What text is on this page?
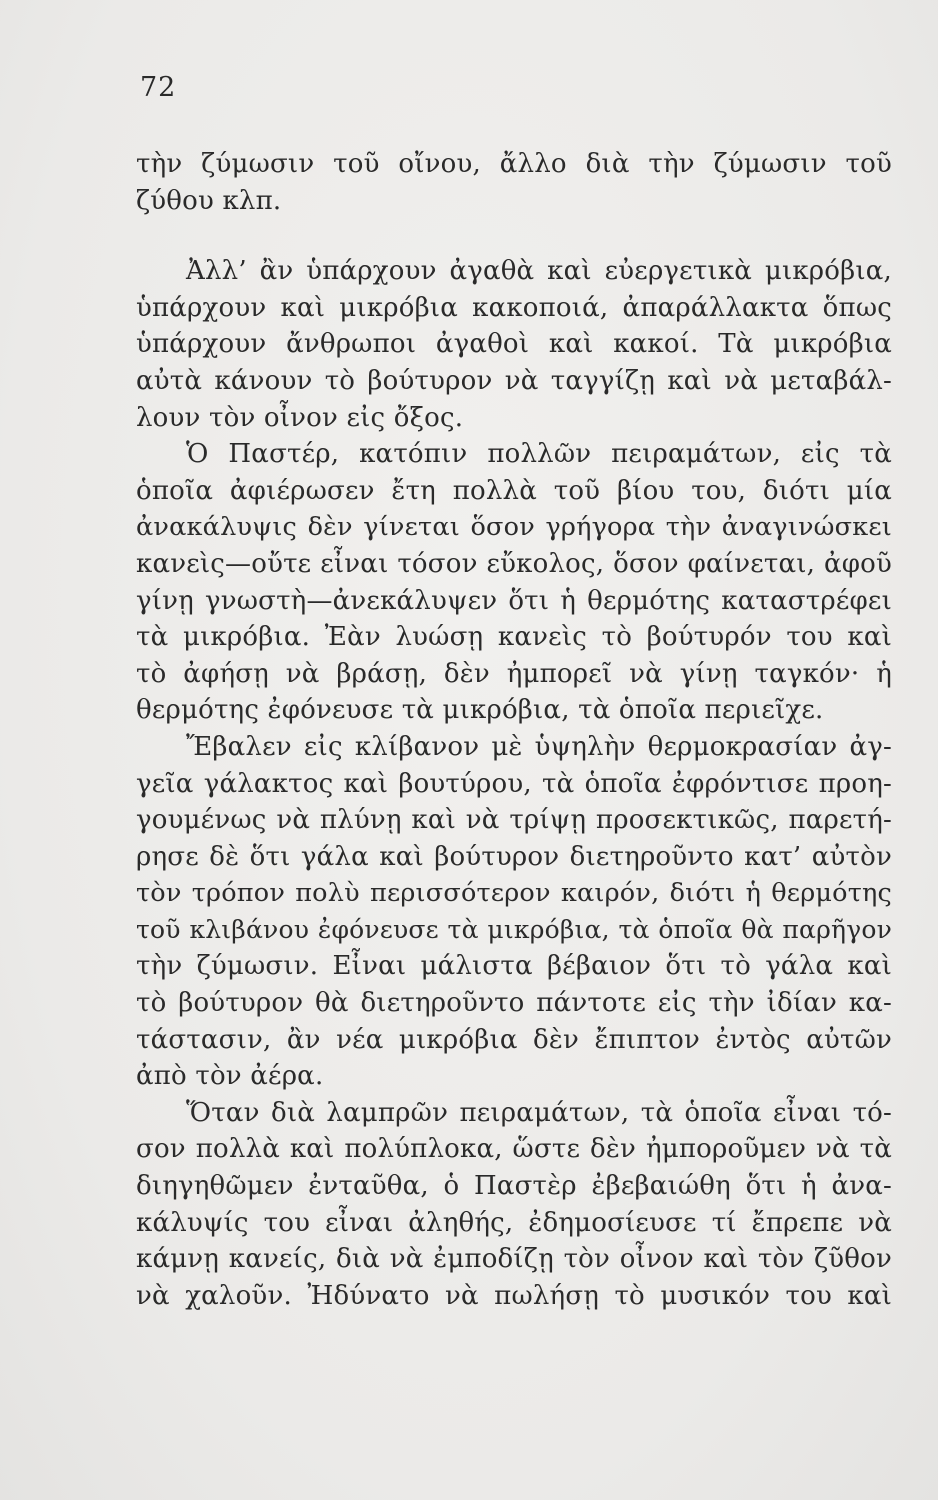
72
τὴν ζύμωσιν τοῦ οἴνου, ἄλλο διὰ τὴν ζύμωσιν τοῦ
ζύθου κλπ.
Ἀλλ’ ἂν ὑπάρχουν ἀγαθὰ καὶ εὐεργετικὰ μικρόβια,
ὑπάρχουν καὶ μικρόβια κακοποιά, ἀπαράλλακτα ὅπως
ὑπάρχουν ἄνθρωποι ἀγαθοὶ καὶ κακοί. Τὰ μικρόβια
αὐτὰ κάνουν τὸ βούτυρον νὰ ταγγίζῃ καὶ νὰ μεταβάλ-
λουν τὸν οἶνον εἰς ὄξος.
Ὁ Παστέρ, κατόπιν πολλῶν πειραμάτων, εἰς τὰ
ὁποῖα ἀφιέρωσεν ἔτη πολλὰ τοῦ βίου του, διότι μία
ἀνακάλυψις δὲν γίνεται ὅσον γρήγορα τὴν ἀναγινώσκει
κανεὶς—οὔτε εἶναι τόσον εὔκολος, ὅσον φαίνεται, ἀφοῦ
γίνῃ γνωστὴ—ἀνεκάλυψεν ὅτι ἡ θερμότης καταστρέφει
τὰ μικρόβια. Ἐὰν λυώσῃ κανεὶς τὸ βούτυρόν του καὶ
τὸ ἀφήσῃ νὰ βράσῃ, δὲν ἠμπορεῖ νὰ γίνῃ ταγκόν· ἡ
θερμότης ἐφόνευσε τὰ μικρόβια, τὰ ὁποῖα περιεῖχε.
Ἔβαλεν εἰς κλίβανον μὲ ὑψηλὴν θερμοκρασίαν ἀγ-
γεῖα γάλακτος καὶ βουτύρου, τὰ ὁποῖα ἐφρόντισε προη-
γουμένως νὰ πλύνῃ καὶ νὰ τρίψῃ προσεκτικῶς, παρετή-
ρησε δὲ ὅτι γάλα καὶ βούτυρον διετηροῦντο κατ’ αὐτὸν
τὸν τρόπον πολὺ περισσότερον καιρόν, διότι ἡ θερμότης
τοῦ κλιβάνου ἐφόνευσε τὰ μικρόβια, τὰ ὁποῖα θὰ παρῆγον
τὴν ζύμωσιν. Εἶναι μάλιστα βέβαιον ὅτι τὸ γάλα καὶ
τὸ βούτυρον θὰ διετηροῦντο πάντοτε εἰς τὴν ἰδίαν κα-
τάστασιν, ἂν νέα μικρόβια δὲν ἔπιπτον ἐντὸς αὐτῶν
ἀπὸ τὸν ἀέρα.
Ὅταν διὰ λαμπρῶν πειραμάτων, τὰ ὁποῖα εἶναι τό-
σον πολλὰ καὶ πολύπλοκα, ὥστε δὲν ἠμποροῦμεν νὰ τὰ
διηγηθῶμεν ἐνταῦθα, ὁ Παστὲρ ἐβεβαιώθη ὅτι ἡ ἀνα-
κάλυψίς του εἶναι ἀληθής, ἐδημοσίευσε τί ἔπρεπε νὰ
κάμνῃ κανείς, διὰ νὰ ἐμποδίζῃ τὸν οἶνον καὶ τὸν ζῦθον
νὰ χαλοῦν. Ἠδύνατο νὰ πωλήσῃ τὸ μυσικόν του καὶ
